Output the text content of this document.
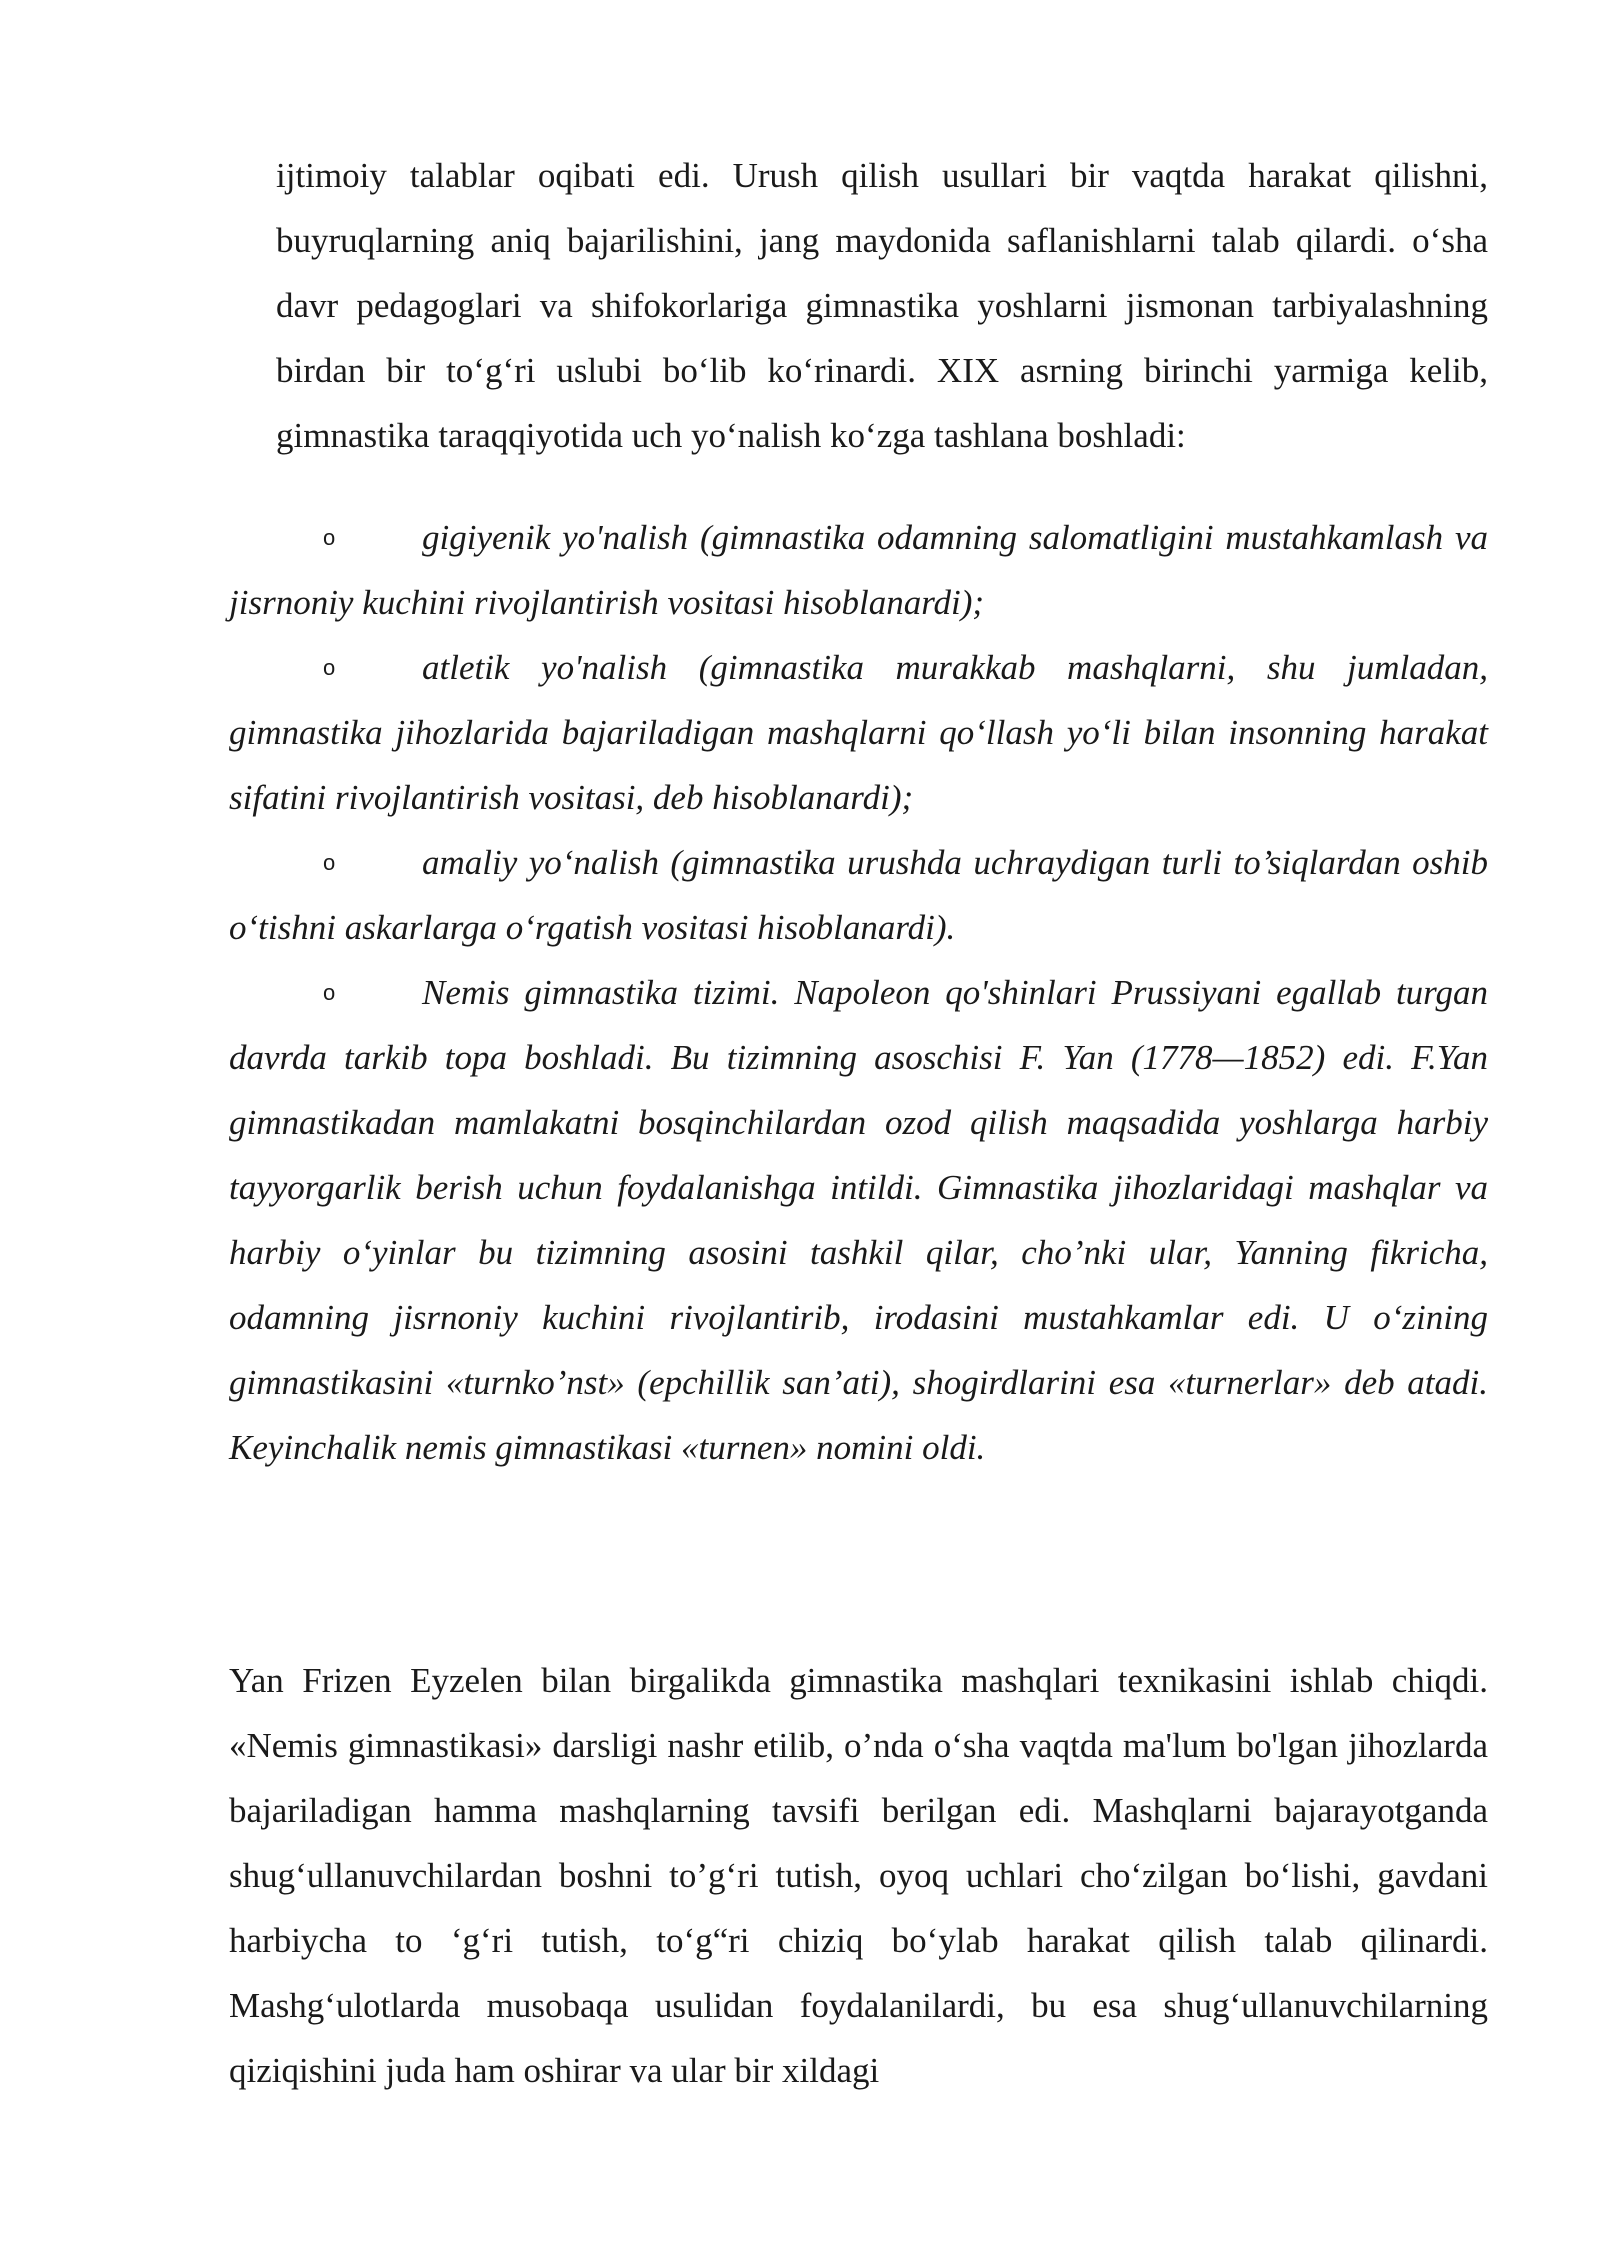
ijtimoiy talablar oqibati edi. Urush qilish usullari bir vaqtda harakat qilishni, buyruqlarning aniq bajarilishini, jang maydonida saflanishlarni talab qilardi. o‘sha davr pedagoglari va shifokorlariga gimnastika yoshlarni jismonan tarbiyalashning birdan bir to‘g‘ri uslubi bo‘lib ko‘rinardi. XIX asrning birinchi yarmiga kelib, gimnastika taraqqiyotida uch yo‘nalish ko‘zga tashlana boshladi:

o gigiyenik yo'nalish (gimnastika odamning salomatligini mustahkamlash va jisrnoniy kuchini rivojlantirish vositasi hisoblanardi);
o atletik yo'nalish (gimnastika murakkab mashqlarni, shu jumladan, gimnastika jihozlarida bajariladigan mashqlarni qo‘llash yo‘li bilan insonning harakat sifatini rivojlantirish vositasi, deb hisoblanardi);
o amaliy yo‘nalish (gimnastika urushda uchraydigan turli to’siqlardan oshib o‘tishni askarlarga o‘rgatish vositasi hisoblanardi).
o Nemis gimnastika tizimi. Napoleon qo'shinlari Prussiyani egallab turgan davrda tarkib topa boshladi. Bu tizimning asoschisi F. Yan (1778—1852) edi. F.Yan gimnastikadan mamlakatni bosqinchilardan ozod qilish maqsadida yoshlarga harbiy tayyorgarlik berish uchun foydalanishga intildi. Gimnastika jihozlaridagi mashqlar va harbiy o‘yinlar bu tizimning asosini tashkil qilar, cho’nki ular, Yanning fikricha, odamning jisrnoniy kuchini rivojlantirib, irodasini mustahkamlar edi. U o‘zining gimnastikasini «turnko’nst» (epchillik san’ati), shogirdlarini esa «turnerlar» deb atadi. Keyinchalik nemis gimnastikasi «turnen» nominі oldi.

Yan Frizen Eyzelen bilan birgalikda gimnastika mashqlari texnikasini ishlab chiqdi. «Nemis gimnastikasi» darsligi nashr etilib, o’nda o‘sha vaqtda ma'lum bo'lgan jihozlarda bajariladigan hamma mashqlarning tavsifi berilgan edi. Mashqlarni bajarayotganda shug‘ullanuvchilardan boshni to’g‘ri tutish, oyoq uchlari cho‘zilgan bo‘lishi, gavdani harbiycha to ‘g‘ri tutish, to‘g“ri chiziq bo‘ylab harakat qilish talab qilinardi. Mashg‘ulotlarda musobaqa usulidan foydalanilardi, bu esa shug‘ullanuvchilarning qiziqishini juda ham oshirar va ular bir xildagi
